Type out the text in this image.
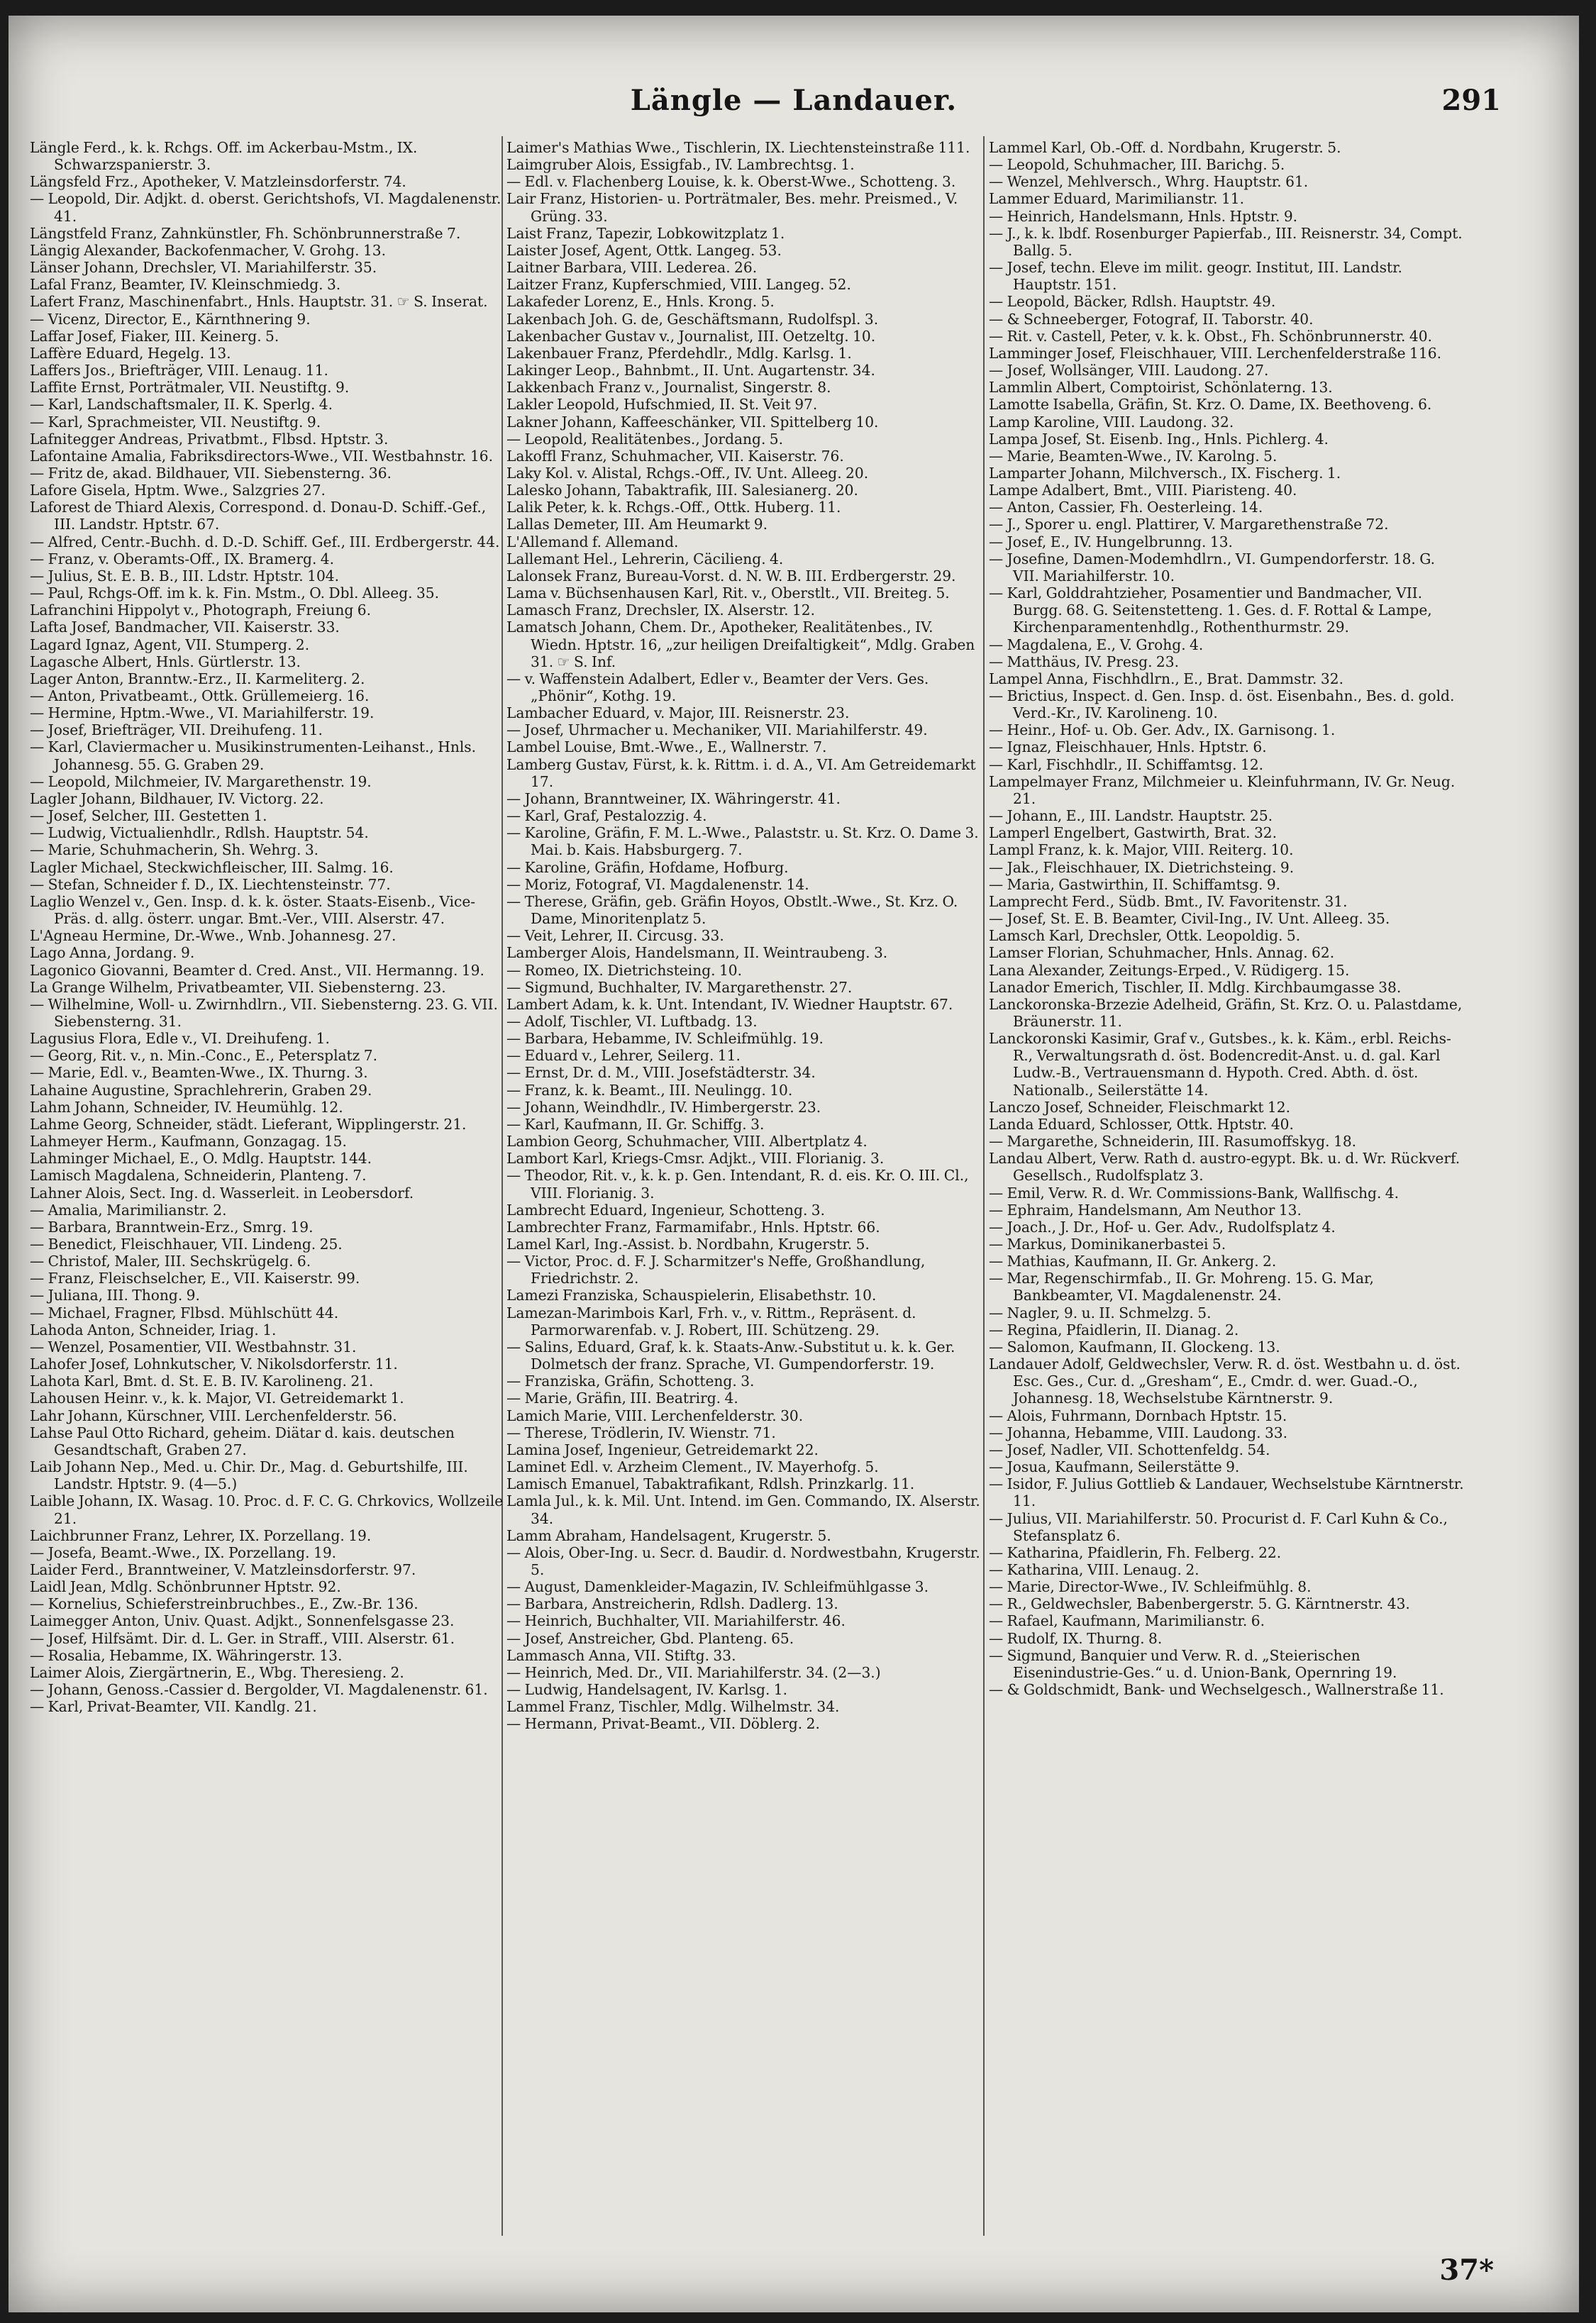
Längle — Landauer.	291

Längle Ferd., k. k. Rchgs. Off. im Ackerbau-Mstm., IX. Schwarzspanierstr. 3.

Längsfeld Frz., Apotheker, V. Matzleinsdorferstr. 74.

— Leopold, Dir. Adjkt. d. oberst. Gerichtshofs, VI. Magdalenenstr. 41.

Längstfeld Franz, Zahnkünstler, Fh. Schönbrunnerstraße 7.

Längig Alexander, Backofenmacher, V. Grohg. 13.

Länser Johann, Drechsler, VI. Mariahilferstr. 35.

Lafal Franz, Beamter, IV. Kleinschmiedg. 3.

Lafert Franz, Maschinenfabrt., Hnls. Hauptstr. 31. ☞ S. Inserat.

— Vicenz, Director, E., Kärnthnering 9.

Laffar Josef, Fiaker, III. Keinerg. 5.

Laffère Eduard, Hegelg. 13.

Laffers Jos., Briefträger, VIII. Lenaug. 11.

Laffite Ernst, Porträtmaler, VII. Neustiftg. 9.

— Karl, Landschaftsmaler, II. K. Sperlg. 4.

— Karl, Sprachmeister, VII. Neustiftg. 9.

Lafnitegger Andreas, Privatbmt., Flbsd. Hptstr. 3.

Lafontaine Amalia, Fabriksdirectors-Wwe., VII. Westbahnstr. 16.

— Fritz de, akad. Bildhauer, VII. Siebensterng. 36.

Lafore Gisela, Hptm. Wwe., Salzgries 27.

Laforest de Thiard Alexis, Correspond. d. Donau-D. Schiff.-Gef., III. Landstr. Hptstr. 67.

— Alfred, Centr.-Buchh. d. D.-D. Schiff. Gef., III. Erdbergerstr. 44.

— Franz, v. Oberamts-Off., IX. Bramerg. 4.

— Julius, St. E. B. B., III. Ldstr. Hptstr. 104.

— Paul, Rchgs-Off. im k. k. Fin. Mstm., O. Dbl. Alleeg. 35.

Lafranchini Hippolyt v., Photograph, Freiung 6.

Lafta Josef, Bandmacher, VII. Kaiserstr. 33.

Lagard Ignaz, Agent, VII. Stumperg. 2.

Lagasche Albert, Hnls. Gürtlerstr. 13.

Lager Anton, Branntw.-Erz., II. Karmeliterg. 2.

— Anton, Privatbeamt., Ottk. Grüllemeierg. 16.

— Hermine, Hptm.-Wwe., VI. Mariahilferstr. 19.

— Josef, Briefträger, VII. Dreihufeng. 11.

— Karl, Claviermacher u. Musikinstrumenten-Leihanst., Hnls. Johannesg. 55. G. Graben 29.

— Leopold, Milchmeier, IV. Margarethenstr. 19.

Lagler Johann, Bildhauer, IV. Victorg. 22.

— Josef, Selcher, III. Gestetten 1.

— Ludwig, Victualienhdlr., Rdlsh. Hauptstr. 54.

— Marie, Schuhmacherin, Sh. Wehrg. 3.

Lagler Michael, Steckwichfleischer, III. Salmg. 16.

— Stefan, Schneider f. D., IX. Liechtensteinstr. 77.

Laglio Wenzel v., Gen. Insp. d. k. k. öster. Staats-Eisenb., Vice-Präs. d. allg. österr. ungar. Bmt.-Ver., VIII. Alserstr. 47.

L'Agneau Hermine, Dr.-Wwe., Wnb. Johannesg. 27.

Lago Anna, Jordang. 9.

Lagonico Giovanni, Beamter d. Cred. Anst., VII. Hermanng. 19.

La Grange Wilhelm, Privatbeamter, VII. Siebensterng. 23.

— Wilhelmine, Woll- u. Zwirnhdlrn., VII. Siebensterng. 23. G. VII. Siebensterng. 31.

Lagusius Flora, Edle v., VI. Dreihufeng. 1.

— Georg, Rit. v., n. Min.-Conc., E., Petersplatz 7.

— Marie, Edl. v., Beamten-Wwe., IX. Thurng. 3.

Lahaine Augustine, Sprachlehrerin, Graben 29.

Lahm Johann, Schneider, IV. Heumühlg. 12.

Lahme Georg, Schneider, städt. Lieferant, Wipplingerstr. 21.

Lahmeyer Herm., Kaufmann, Gonzagag. 15.

Lahminger Michael, E., O. Mdlg. Hauptstr. 144.

Lamisch Magdalena, Schneiderin, Planteng. 7.

Lahner Alois, Sect. Ing. d. Wasserleit. in Leobersdorf.

— Amalia, Marimilianstr. 2.

— Barbara, Branntwein-Erz., Smrg. 19.

— Benedict, Fleischhauer, VII. Lindeng. 25.

— Christof, Maler, III. Sechskrügelg. 6.

— Franz, Fleischselcher, E., VII. Kaiserstr. 99.

— Juliana, III. Thong. 9.

— Michael, Fragner, Flbsd. Mühlschütt 44.

Lahoda Anton, Schneider, Iriag. 1.

— Wenzel, Posamentier, VII. Westbahnstr. 31.

Lahofer Josef, Lohnkutscher, V. Nikolsdorferstr. 11.

Lahota Karl, Bmt. d. St. E. B. IV. Karolineng. 21.

Lahousen Heinr. v., k. k. Major, VI. Getreidemarkt 1.

Lahr Johann, Kürschner, VIII. Lerchenfelderstr. 56.

Lahse Paul Otto Richard, geheim. Diätar d. kais. deutschen Gesandtschaft, Graben 27.

Laib Johann Nep., Med. u. Chir. Dr., Mag. d. Geburtshilfe, III. Landstr. Hptstr. 9. (4—5.)

Laible Johann, IX. Wasag. 10. Proc. d. F. C. G. Chrkovics, Wollzeile 21.

Laichbrunner Franz, Lehrer, IX. Porzellang. 19.

— Josefa, Beamt.-Wwe., IX. Porzellang. 19.

Laider Ferd., Branntweiner, V. Matzleinsdorferstr. 97.

Laidl Jean, Mdlg. Schönbrunner Hptstr. 92.

— Kornelius, Schieferstreinbruchbes., E., Zw.-Br. 136.

Laimegger Anton, Univ. Quast. Adjkt., Sonnenfelsgasse 23.

— Josef, Hilfsämt. Dir. d. L. Ger. in Straff., VIII. Alserstr. 61.

— Rosalia, Hebamme, IX. Währingerstr. 13.

Laimer Alois, Ziergärtnerin, E., Wbg. Theresieng. 2.

— Johann, Genoss.-Cassier d. Bergolder, VI. Magdalenenstr. 61.

— Karl, Privat-Beamter, VII. Kandlg. 21.

Laimer's Mathias Wwe., Tischlerin, IX. Liechtensteinstraße 111.

Laimgruber Alois, Essigfab., IV. Lambrechtsg. 1.

— Edl. v. Flachenberg Louise, k. k. Oberst-Wwe., Schotteng. 3.

Lair Franz, Historien- u. Porträtmaler, Bes. mehr. Preismed., V. Grüng. 33.

Laist Franz, Tapezir, Lobkowitzplatz 1.

Laister Josef, Agent, Ottk. Langeg. 53.

Laitner Barbara, VIII. Lederea. 26.

Laitzer Franz, Kupferschmied, VIII. Langeg. 52.

Lakafeder Lorenz, E., Hnls. Krong. 5.

Lakenbach Joh. G. de, Geschäftsmann, Rudolfspl. 3.

Lakenbacher Gustav v., Journalist, III. Oetzeltg. 10.

Lakenbauer Franz, Pferdehdlr., Mdlg. Karlsg. 1.

Lakinger Leop., Bahnbmt., II. Unt. Augartenstr. 34.

Lakkenbach Franz v., Journalist, Singerstr. 8.

Lakler Leopold, Hufschmied, II. St. Veit 97.

Lakner Johann, Kaffeeschänker, VII. Spittelberg 10.

— Leopold, Realitätenbes., Jordang. 5.

Lakoffl Franz, Schuhmacher, VII. Kaiserstr. 76.

Laky Kol. v. Alistal, Rchgs.-Off., IV. Unt. Alleeg. 20.

Lalesko Johann, Tabaktrafik, III. Salesianerg. 20.

Lalik Peter, k. k. Rchgs.-Off., Ottk. Huberg. 11.

Lallas Demeter, III. Am Heumarkt 9.

L'Allemand f. Allemand.

Lallemant Hel., Lehrerin, Cäcilieng. 4.

Lalonsek Franz, Bureau-Vorst. d. N. W. B. III. Erdbergerstr. 29.

Lama v. Büchsenhausen Karl, Rit. v., Oberstlt., VII. Breiteg. 5.

Lamasch Franz, Drechsler, IX. Alserstr. 12.

Lamatsch Johann, Chem. Dr., Apotheker, Realitätenbes., IV. Wiedn. Hptstr. 16, „zur heiligen Dreifaltigkeit“, Mdlg. Graben 31. ☞ S. Inf.

— v. Waffenstein Adalbert, Edler v., Beamter der Vers. Ges. „Phönir“, Kothg. 19.

Lambacher Eduard, v. Major, III. Reisnerstr. 23.

— Josef, Uhrmacher u. Mechaniker, VII. Mariahilferstr. 49.

Lambel Louise, Bmt.-Wwe., E., Wallnerstr. 7.

Lamberg Gustav, Fürst, k. k. Rittm. i. d. A., VI. Am Getreidemarkt 17.

— Johann, Branntweiner, IX. Währingerstr. 41.

— Karl, Graf, Pestalozzig. 4.

— Karoline, Gräfin, F. M. L.-Wwe., Palaststr. u. St. Krz. O. Dame 3. Mai. b. Kais. Habsburgerg. 7.

— Karoline, Gräfin, Hofdame, Hofburg.

— Moriz, Fotograf, VI. Magdalenenstr. 14.

— Therese, Gräfin, geb. Gräfin Hoyos, Obstlt.-Wwe., St. Krz. O. Dame, Minoritenplatz 5.

— Veit, Lehrer, II. Circusg. 33.

Lamberger Alois, Handelsmann, II. Weintraubeng. 3.

— Romeo, IX. Dietrichsteing. 10.

— Sigmund, Buchhalter, IV. Margarethenstr. 27.

Lambert Adam, k. k. Unt. Intendant, IV. Wiedner Hauptstr. 67.

— Adolf, Tischler, VI. Luftbadg. 13.

— Barbara, Hebamme, IV. Schleifmühlg. 19.

— Eduard v., Lehrer, Seilerg. 11.

— Ernst, Dr. d. M., VIII. Josefstädterstr. 34.

— Franz, k. k. Beamt., III. Neulingg. 10.

— Johann, Weindhdlr., IV. Himbergerstr. 23.

— Karl, Kaufmann, II. Gr. Schiffg. 3.

Lambion Georg, Schuhmacher, VIII. Albertplatz 4.

Lambort Karl, Kriegs-Cmsr. Adjkt., VIII. Florianig. 3.

— Theodor, Rit. v., k. k. p. Gen. Intendant, R. d. eis. Kr. O. III. Cl., VIII. Florianig. 3.

Lambrecht Eduard, Ingenieur, Schotteng. 3.

Lambrechter Franz, Farmamifabr., Hnls. Hptstr. 66.

Lamel Karl, Ing.-Assist. b. Nordbahn, Krugerstr. 5.

— Victor, Proc. d. F. J. Scharmitzer's Neffe, Großhandlung, Friedrichstr. 2.

Lamezi Franziska, Schauspielerin, Elisabethstr. 10.

Lamezan-Marimbois Karl, Frh. v., v. Rittm., Repräsent. d. Parmorwarenfab. v. J. Robert, III. Schützeng. 29.

— Salins, Eduard, Graf, k. k. Staats-Anw.-Substitut u. k. k. Ger. Dolmetsch der franz. Sprache, VI. Gumpendorferstr. 19.

— Franziska, Gräfin, Schotteng. 3.

— Marie, Gräfin, III. Beatrirg. 4.

Lamich Marie, VIII. Lerchenfelderstr. 30.

— Therese, Trödlerin, IV. Wienstr. 71.

Lamina Josef, Ingenieur, Getreidemarkt 22.

Laminet Edl. v. Arzheim Clement., IV. Mayerhofg. 5.

Lamisch Emanuel, Tabaktrafikant, Rdlsh. Prinzkarlg. 11.

Lamla Jul., k. k. Mil. Unt. Intend. im Gen. Commando, IX. Alserstr. 34.

Lamm Abraham, Handelsagent, Krugerstr. 5.

— Alois, Ober-Ing. u. Secr. d. Baudir. d. Nordwestbahn, Krugerstr. 5.

— August, Damenkleider-Magazin, IV. Schleifmühlgasse 3.

— Barbara, Anstreicherin, Rdlsh. Dadlerg. 13.

— Heinrich, Buchhalter, VII. Mariahilferstr. 46.

— Josef, Anstreicher, Gbd. Planteng. 65.

Lammasch Anna, VII. Stiftg. 33.

— Heinrich, Med. Dr., VII. Mariahilferstr. 34. (2—3.)

— Ludwig, Handelsagent, IV. Karlsg. 1.

Lammel Franz, Tischler, Mdlg. Wilhelmstr. 34.

— Hermann, Privat-Beamt., VII. Döblerg. 2.

Lammel Karl, Ob.-Off. d. Nordbahn, Krugerstr. 5.

— Leopold, Schuhmacher, III. Barichg. 5.

— Wenzel, Mehlversch., Whrg. Hauptstr. 61.

Lammer Eduard, Marimilianstr. 11.

— Heinrich, Handelsmann, Hnls. Hptstr. 9.

— J., k. k. lbdf. Rosenburger Papierfab., III. Reisnerstr. 34, Compt. Ballg. 5.

— Josef, techn. Eleve im milit. geogr. Institut, III. Landstr. Hauptstr. 151.

— Leopold, Bäcker, Rdlsh. Hauptstr. 49.

— & Schneeberger, Fotograf, II. Taborstr. 40.

— Rit. v. Castell, Peter, v. k. k. Obst., Fh. Schönbrunnerstr. 40.

Lamminger Josef, Fleischhauer, VIII. Lerchenfelderstraße 116.

— Josef, Wollsänger, VIII. Laudong. 27.

Lammlin Albert, Comptoirist, Schönlaterng. 13.

Lamotte Isabella, Gräfin, St. Krz. O. Dame, IX. Beethoveng. 6.

Lamp Karoline, VIII. Laudong. 32.

Lampa Josef, St. Eisenb. Ing., Hnls. Pichlerg. 4.

— Marie, Beamten-Wwe., IV. Karolng. 5.

Lamparter Johann, Milchversch., IX. Fischerg. 1.

Lampe Adalbert, Bmt., VIII. Piaristeng. 40.

— Anton, Cassier, Fh. Oesterleing. 14.

— J., Sporer u. engl. Plattirer, V. Margarethenstraße 72.

— Josef, E., IV. Hungelbrunng. 13.

— Josefine, Damen-Modemhdlrn., VI. Gumpendorferstr. 18. G. VII. Mariahilferstr. 10.

— Karl, Golddrahtzieher, Posamentier und Bandmacher, VII. Burgg. 68. G. Seitenstetteng. 1. Ges. d. F. Rottal & Lampe, Kirchenparamentenhdlg., Rothenthurmstr. 29.

— Magdalena, E., V. Grohg. 4.

— Matthäus, IV. Presg. 23.

Lampel Anna, Fischhdlrn., E., Brat. Dammstr. 32.

— Brictius, Inspect. d. Gen. Insp. d. öst. Eisenbahn., Bes. d. gold. Verd.-Kr., IV. Karolineng. 10.

— Heinr., Hof- u. Ob. Ger. Adv., IX. Garnisong. 1.

— Ignaz, Fleischhauer, Hnls. Hptstr. 6.

— Karl, Fischhdlr., II. Schiffamtsg. 12.

Lampelmayer Franz, Milchmeier u. Kleinfuhrmann, IV. Gr. Neug. 21.

— Johann, E., III. Landstr. Hauptstr. 25.

Lamperl Engelbert, Gastwirth, Brat. 32.

Lampl Franz, k. k. Major, VIII. Reiterg. 10.

— Jak., Fleischhauer, IX. Dietrichsteing. 9.

— Maria, Gastwirthin, II. Schiffamtsg. 9.

Lamprecht Ferd., Südb. Bmt., IV. Favoritenstr. 31.

— Josef, St. E. B. Beamter, Civil-Ing., IV. Unt. Alleeg. 35.

Lamsch Karl, Drechsler, Ottk. Leopoldig. 5.

Lamser Florian, Schuhmacher, Hnls. Annag. 62.

Lana Alexander, Zeitungs-Erped., V. Rüdigerg. 15.

Lanador Emerich, Tischler, II. Mdlg. Kirchbaumgasse 38.

Lanckoronska-Brzezie Adelheid, Gräfin, St. Krz. O. u. Palastdame, Bräunerstr. 11.

Lanckoronski Kasimir, Graf v., Gutsbes., k. k. Käm., erbl. Reichs-R., Verwaltungsrath d. öst. Bodencredit-Anst. u. d. gal. Karl Ludw.-B., Vertrauensmann d. Hypoth. Cred. Abth. d. öst. Nationalb., Seilerstätte 14.

Lanczo Josef, Schneider, Fleischmarkt 12.

Landa Eduard, Schlosser, Ottk. Hptstr. 40.

— Margarethe, Schneiderin, III. Rasumoffskyg. 18.

Landau Albert, Verw. Rath d. austro-egypt. Bk. u. d. Wr. Rückverf. Gesellsch., Rudolfsplatz 3.

— Emil, Verw. R. d. Wr. Commissions-Bank, Wallfischg. 4.

— Ephraim, Handelsmann, Am Neuthor 13.

— Joach., J. Dr., Hof- u. Ger. Adv., Rudolfsplatz 4.

— Markus, Dominikanerbastei 5.

— Mathias, Kaufmann, II. Gr. Ankerg. 2.

— Mar, Regenschirmfab., II. Gr. Mohreng. 15. G. Mar, Bankbeamter, VI. Magdalenenstr. 24.

— Nagler, 9. u. II. Schmelzg. 5.

— Regina, Pfaidlerin, II. Dianag. 2.

— Salomon, Kaufmann, II. Glockeng. 13.

Landauer Adolf, Geldwechsler, Verw. R. d. öst. Westbahn u. d. öst. Esc. Ges., Cur. d. „Gresham“, E., Cmdr. d. wer. Guad.-O., Johannesg. 18, Wechselstube Kärntnerstr. 9.

— Alois, Fuhrmann, Dornbach Hptstr. 15.

— Johanna, Hebamme, VIII. Laudong. 33.

— Josef, Nadler, VII. Schottenfeldg. 54.

— Josua, Kaufmann, Seilerstätte 9.

— Isidor, F. Julius Gottlieb & Landauer, Wechselstube Kärntnerstr. 11.

— Julius, VII. Mariahilferstr. 50. Procurist d. F. Carl Kuhn & Co., Stefansplatz 6.

— Katharina, Pfaidlerin, Fh. Felberg. 22.

— Katharina, VIII. Lenaug. 2.

— Marie, Director-Wwe., IV. Schleifmühlg. 8.

— R., Geldwechsler, Babenbergerstr. 5. G. Kärntnerstr. 43.

— Rafael, Kaufmann, Marimilianstr. 6.

— Rudolf, IX. Thurng. 8.

— Sigmund, Banquier und Verw. R. d. „Steierischen Eisenindustrie-Ges.“ u. d. Union-Bank, Opernring 19.

— & Goldschmidt, Bank- und Wechselgesch., Wallnerstraße 11.

37*
